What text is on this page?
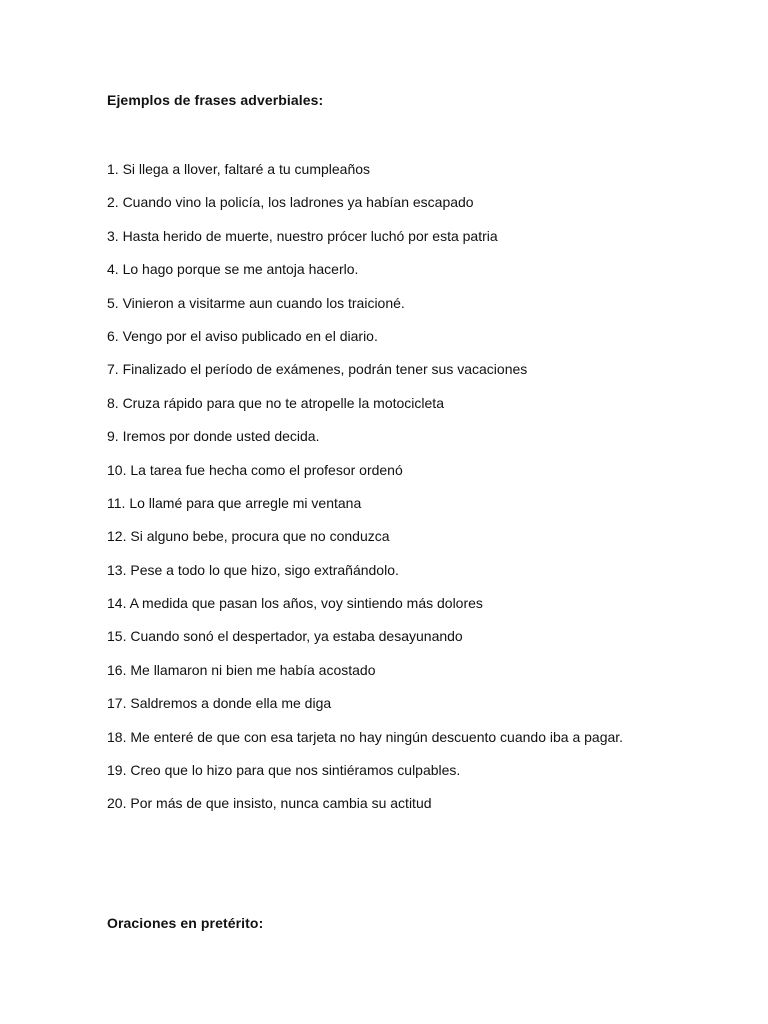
Ejemplos de frases adverbiales:
1. Si llega a llover, faltaré a tu cumpleaños
2. Cuando vino la policía, los ladrones ya habían escapado
3. Hasta herido de muerte, nuestro prócer luchó por esta patria
4. Lo hago porque se me antoja hacerlo.
5. Vinieron a visitarme aun cuando los traicioné.
6. Vengo por el aviso publicado en el diario.
7. Finalizado el período de exámenes, podrán tener sus vacaciones
8. Cruza rápido para que no te atropelle la motocicleta
9. Iremos por donde usted decida.
10. La tarea fue hecha como el profesor ordenó
11. Lo llamé para que arregle mi ventana
12. Si alguno bebe, procura que no conduzca
13. Pese a todo lo que hizo, sigo extrañándolo.
14. A medida que pasan los años, voy sintiendo más dolores
15. Cuando sonó el despertador, ya estaba desayunando
16. Me llamaron ni bien me había acostado
17. Saldremos a donde ella me diga
18. Me enteré de que con esa tarjeta no hay ningún descuento cuando iba a pagar.
19. Creo que lo hizo para que nos sintiéramos culpables.
20. Por más de que insisto, nunca cambia su actitud
Oraciones en pretérito:
